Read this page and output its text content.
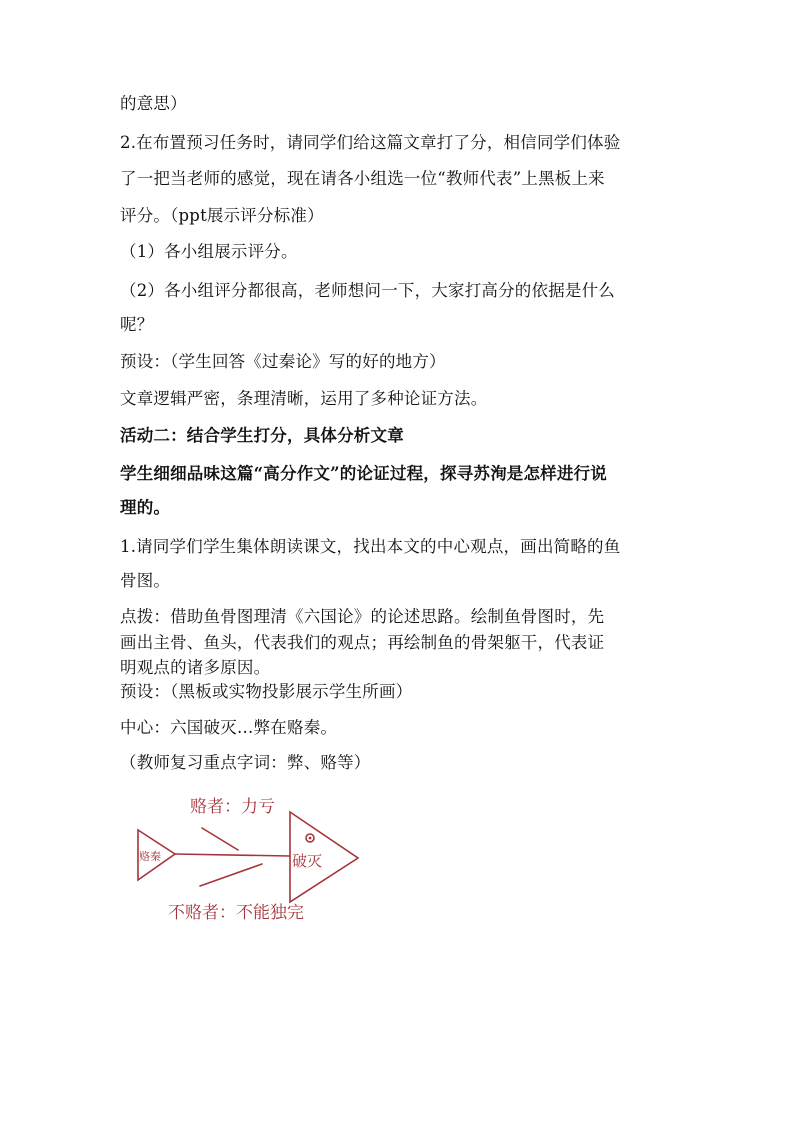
的意思）
2.在布置预习任务时，请同学们给这篇文章打了分，相信同学们体验
了一把当老师的感觉，现在请各小组选一位“教师代表”上黑板上来
评分。（ppt展示评分标准）
（1）各小组展示评分。
（2）各小组评分都很高，老师想问一下，大家打高分的依据是什么
呢？
预设：（学生回答《过秦论》写的好的地方）
文章逻辑严密，条理清晰，运用了多种论证方法。
活动二：结合学生打分，具体分析文章
学生细细品味这篇“高分作文”的论证过程，探寻苏洵是怎样进行说
理的。
1.请同学们学生集体朗读课文，找出本文的中心观点，画出简略的鱼
骨图。
点拨：借助鱼骨图理清《六国论》的论述思路。绘制鱼骨图时，先
画出主骨、鱼头，代表我们的观点；再绘制鱼的骨架躯干，代表证
明观点的诸多原因。
预设：（黑板或实物投影展示学生所画）
中心：六国破灭…弊在赂秦。
（教师复习重点字词：弊、赂等）
赂秦	破灭
赂者：力亏
不赂者：不能独完
